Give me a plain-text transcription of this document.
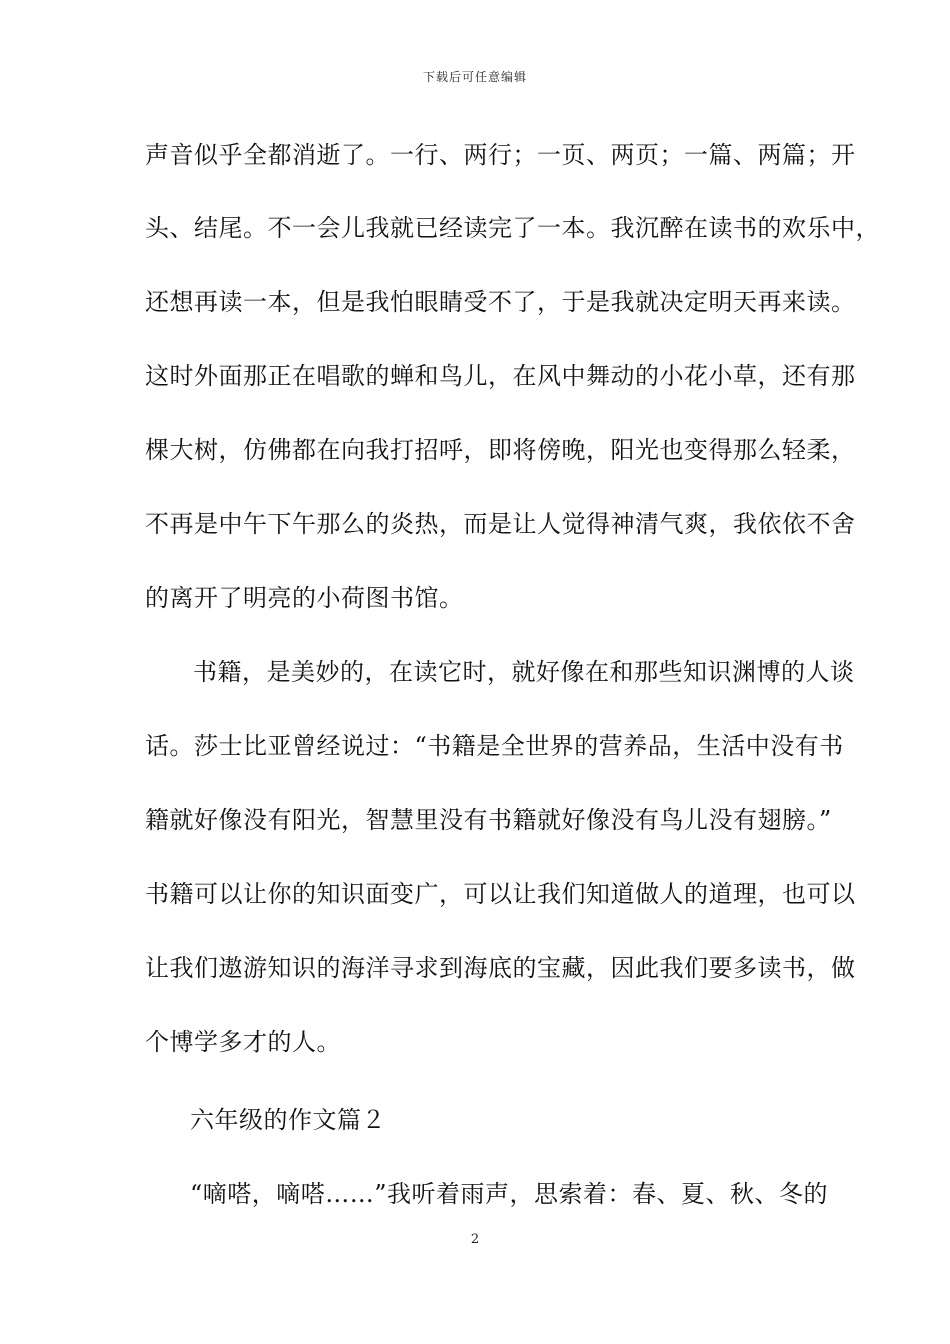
下载后可任意编辑
声音似乎全都消逝了。一行、两行；一页、两页；一篇、两篇；开
头、结尾。不一会儿我就已经读完了一本。我沉醉在读书的欢乐中，
还想再读一本，但是我怕眼睛受不了，于是我就决定明天再来读。
这时外面那正在唱歌的蝉和鸟儿，在风中舞动的小花小草，还有那
棵大树，仿佛都在向我打招呼，即将傍晚，阳光也变得那么轻柔，
不再是中午下午那么的炎热，而是让人觉得神清气爽，我依依不舍
的离开了明亮的小荷图书馆。
书籍，是美妙的，在读它时，就好像在和那些知识渊博的人谈
话。莎士比亚曾经说过：“书籍是全世界的营养品，生活中没有书
籍就好像没有阳光，智慧里没有书籍就好像没有鸟儿没有翅膀。”
书籍可以让你的知识面变广，可以让我们知道做人的道理，也可以
让我们遨游知识的海洋寻求到海底的宝藏，因此我们要多读书，做
个博学多才的人。
六年级的作文篇２
“嘀嗒，嘀嗒……”我听着雨声，思索着：春、夏、秋、冬的
2
